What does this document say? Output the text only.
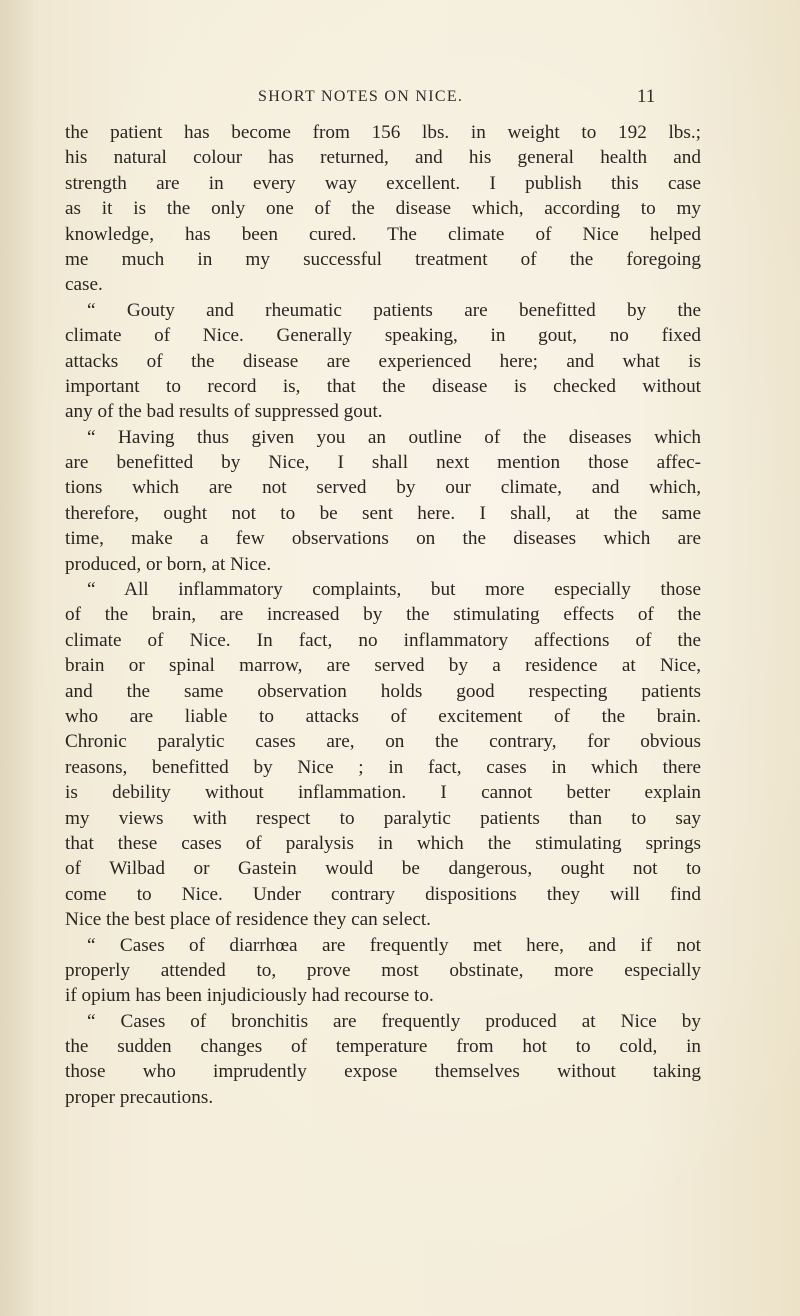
SHORT NOTES ON NICE.	11
the patient has become from 156 lbs. in weight to 192 lbs.;
his natural colour has returned, and his general health and
strength are in every way excellent. I publish this case
as it is the only one of the disease which, according to my
knowledge, has been cured. The climate of Nice helped
me much in my successful treatment of the foregoing
case.
“ Gouty and rheumatic patients are benefitted by the
climate of Nice. Generally speaking, in gout, no fixed
attacks of the disease are experienced here; and what is
important to record is, that the disease is checked without
any of the bad results of suppressed gout.
“ Having thus given you an outline of the diseases which
are benefitted by Nice, I shall next mention those affec-
tions which are not served by our climate, and which,
therefore, ought not to be sent here. I shall, at the same
time, make a few observations on the diseases which are
produced, or born, at Nice.
“ All inflammatory complaints, but more especially those
of the brain, are increased by the stimulating effects of the
climate of Nice. In fact, no inflammatory affections of the
brain or spinal marrow, are served by a residence at Nice,
and the same observation holds good respecting patients
who are liable to attacks of excitement of the brain.
Chronic paralytic cases are, on the contrary, for obvious
reasons, benefitted by Nice ; in fact, cases in which there
is debility without inflammation. I cannot better explain
my views with respect to paralytic patients than to say
that these cases of paralysis in which the stimulating springs
of Wilbad or Gastein would be dangerous, ought not to
come to Nice. Under contrary dispositions they will find
Nice the best place of residence they can select.
“ Cases of diarrhœa are frequently met here, and if not
properly attended to, prove most obstinate, more especially
if opium has been injudiciously had recourse to.
“ Cases of bronchitis are frequently produced at Nice by
the sudden changes of temperature from hot to cold, in
those who imprudently expose themselves without taking
proper precautions.
